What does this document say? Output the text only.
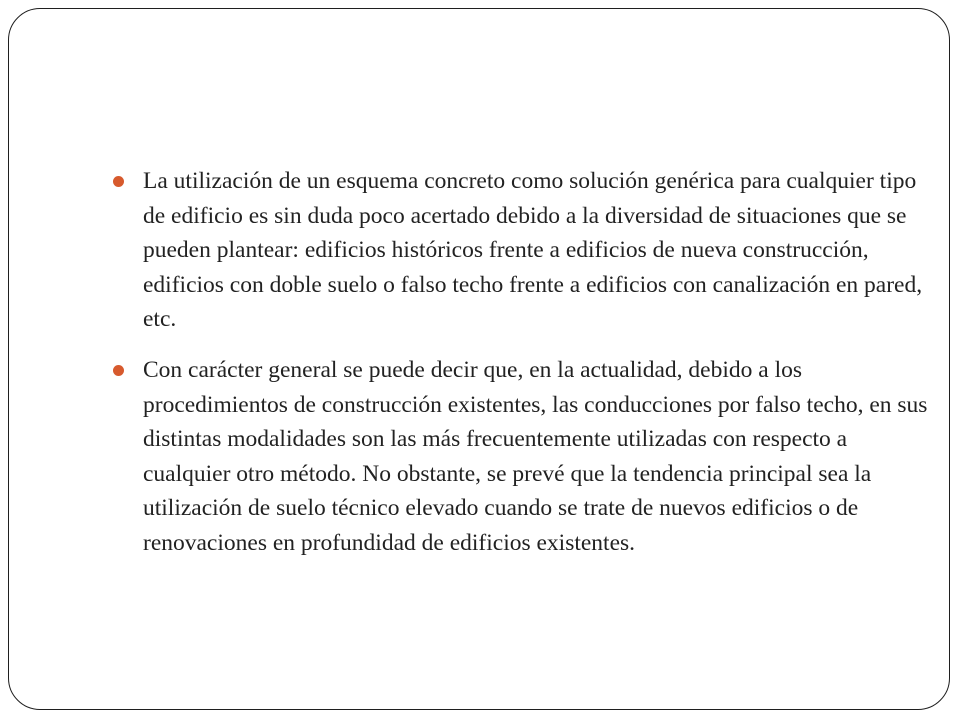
La utilización de un esquema concreto como solución genérica para cualquier tipo de edificio es sin duda poco acertado debido a la diversidad de situaciones que se pueden plantear: edificios históricos frente a edificios de nueva construcción, edificios con doble suelo o falso techo frente a edificios con canalización en pared, etc.
Con carácter general se puede decir que, en la actualidad, debido a los procedimientos de construcción existentes, las conducciones por falso techo, en sus distintas modalidades son las más frecuentemente utilizadas con respecto a cualquier otro método. No obstante, se prevé que la tendencia principal sea la utilización de suelo técnico elevado cuando se trate de nuevos edificios o de renovaciones en profundidad de edificios existentes.
